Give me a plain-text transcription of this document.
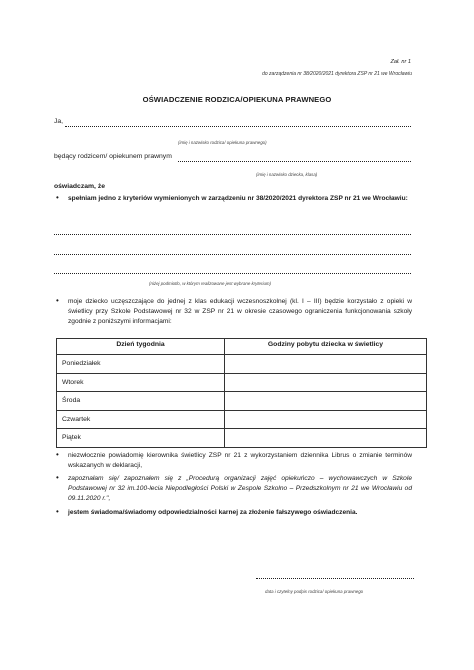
Zał. nr 1
do zarządzenia nr 38/2020/2021 dyrektora ZSP nr 21 we Wrocławiu
OŚWIADCZENIE RODZICA/OPIEKUNA PRAWNEGO
Ja,
(imię i nazwisko rodzica/ opiekuna prawnego)
będący rodzicem/ opiekunem prawnym
(imię i nazwisko dziecka, klasa)
oświadczam, że
• spełniam jedno z kryteriów wymienionych w zarządzeniu nr 38/2020/2021 dyrektora ZSP nr 21 we Wrocławiu:
(niżej podmiotlo, w którym realizowane jest wybrane kryterium)
• moje dziecko uczęszczające do jednej z klas edukacji wczesnoszkolnej (kl. I – III) będzie korzystało z opieki w świetlicy przy Szkole Podstawowej nr 32 w ZSP nr 21 w okresie czasowego ograniczenia funkcjonowania szkoły zgodnie z poniższymi informacjami:
Dzień tygodnia	Godziny pobytu dziecka w świetlicy
Poniedziałek	
Wtorek	
Środa	
Czwartek	
Piątek	
• niezwłocznie powiadomię kierownika świetlicy ZSP nr 21 z wykorzystaniem dziennika Librus o zmianie terminów wskazanych w deklaracji,
• zapoznałam się/ zapoznałem się z „Procedurą organizacji zajęć opiekuńczo – wychowawczych w Szkole Podstawowej nr 32 im.100-lecia Niepodległości Polski w Zespole Szkolno – Przedszkolnym nr 21 we Wrocławiu od 09.11.2020 r.",
• jestem świadoma/świadomy odpowiedzialności karnej za złożenie fałszywego oświadczenia.
data i czytelny podpis rodzica/ opiekuna prawnego
